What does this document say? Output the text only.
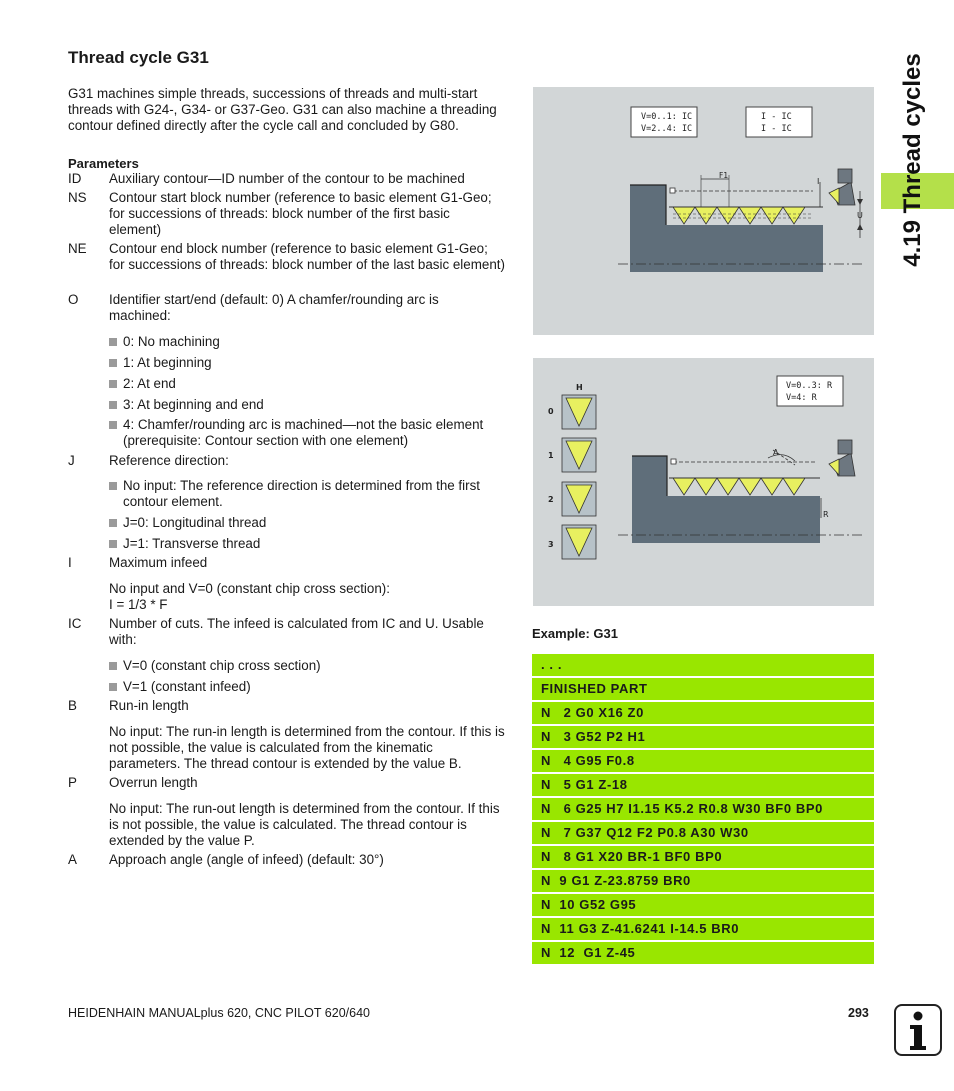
Thread cycle G31

G31 machines simple threads, successions of threads and multi-start threads with G24-, G34- or G37-Geo. G31 can also machine a threading contour defined directly after the cycle call and concluded by G80.

Parameters
ID	Auxiliary contour—ID number of the contour to be machined
NS	Contour start block number (reference to basic element G1-Geo; for successions of threads: block number of the first basic element)
NE	Contour end block number (reference to basic element G1-Geo; for successions of threads: block number of the last basic element)
O	Identifier start/end (default: 0) A chamfer/rounding arc is machined:
0: No machining
1: At beginning
2: At end
3: At beginning and end
4: Chamfer/rounding arc is machined—not the basic element (prerequisite: Contour section with one element)
J	Reference direction:
No input: The reference direction is determined from the first contour element.
J=0: Longitudinal thread
J=1: Transverse thread
I	Maximum infeed
No input and V=0 (constant chip cross section):
I = 1/3 * F
IC	Number of cuts. The infeed is calculated from IC and U. Usable with:
V=0 (constant chip cross section)
V=1 (constant infeed)
B	Run-in length
No input: The run-in length is determined from the contour. If this is not possible, the value is calculated from the kinematic parameters. The thread contour is extended by the value B.
P	Overrun length
No input: The run-out length is determined from the contour. If this is not possible, the value is calculated. The thread contour is extended by the value P.
A	Approach angle (angle of infeed) (default: 30°)
4.19 Thread cycles
V=0..1: IC
V=2..4: IC
I - IC
I - IC
F1
I
U
H
0
1
2
3
V=0..3: R
V=4: R
A
R
Example: G31
. . .
FINISHED PART
N   2 G0 X16 Z0
N   3 G52 P2 H1
N   4 G95 F0.8
N   5 G1 Z-18
N   6 G25 H7 I1.15 K5.2 R0.8 W30 BF0 BP0
N   7 G37 Q12 F2 P0.8 A30 W30
N   8 G1 X20 BR-1 BF0 BP0
N  9 G1 Z-23.8759 BR0
N  10 G52 G95
N  11 G3 Z-41.6241 I-14.5 BR0
N  12  G1 Z-45
HEIDENHAIN MANUALplus 620, CNC PILOT 620/640	293
